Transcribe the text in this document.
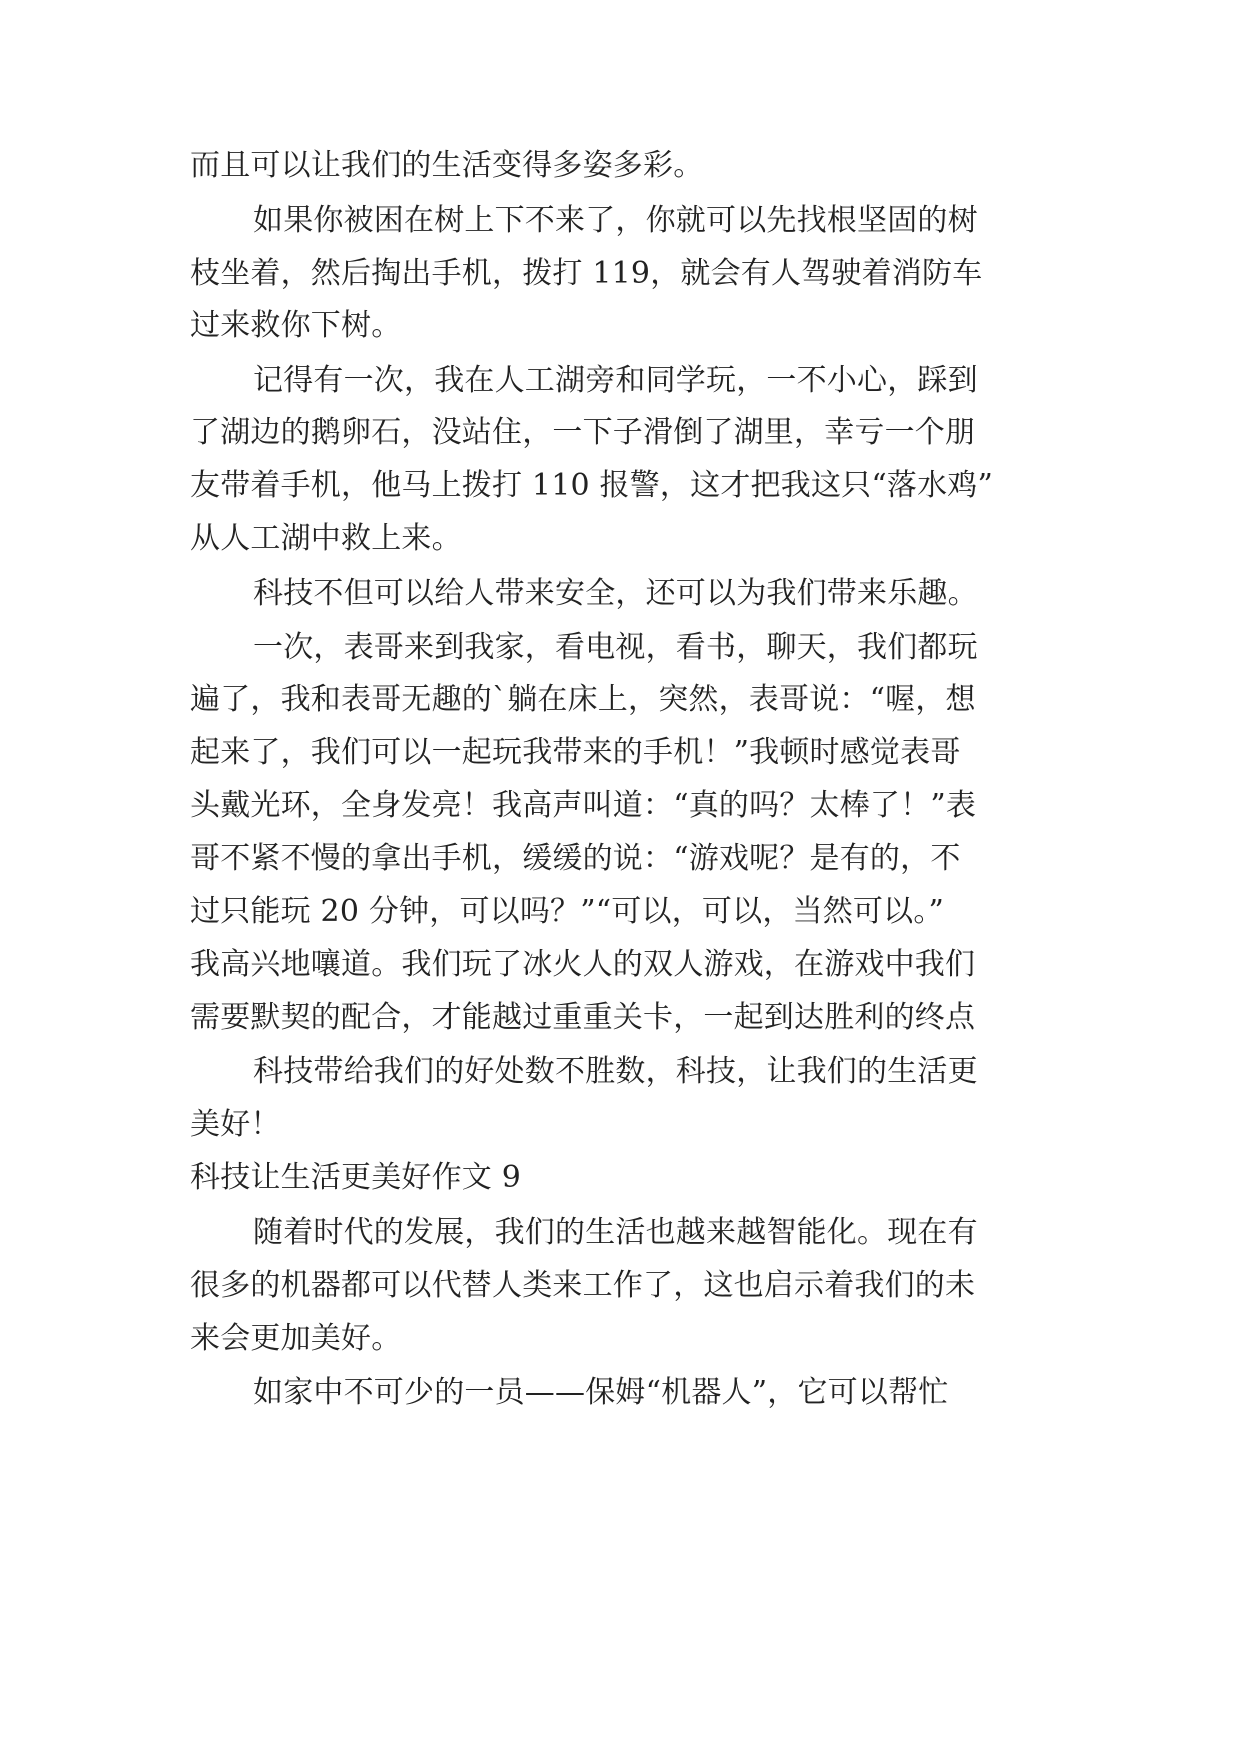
而且可以让我们的生活变得多姿多彩。

如果你被困在树上下不来了，你就可以先找根坚固的树

枝坐着，然后掏出手机，拨打 119，就会有人驾驶着消防车

过来救你下树。

记得有一次，我在人工湖旁和同学玩，一不小心，踩到

了湖边的鹅卵石，没站住，一下子滑倒了湖里，幸亏一个朋

友带着手机，他马上拨打 110 报警，这才把我这只“落水鸡”

从人工湖中救上来。

科技不但可以给人带来安全，还可以为我们带来乐趣。

一次，表哥来到我家，看电视，看书，聊天，我们都玩

遍了，我和表哥无趣的`躺在床上，突然，表哥说：“喔，想

起来了，我们可以一起玩我带来的手机！”我顿时感觉表哥

头戴光环，全身发亮！我高声叫道：“真的吗？太棒了！”表

哥不紧不慢的拿出手机，缓缓的说：“游戏呢？是有的，不

过只能玩 20 分钟，可以吗？”“可以，可以，当然可以。”

我高兴地嚷道。我们玩了冰火人的双人游戏，在游戏中我们

需要默契的配合，才能越过重重关卡，一起到达胜利的终点

科技带给我们的好处数不胜数，科技，让我们的生活更

美好！

科技让生活更美好作文 9

随着时代的发展，我们的生活也越来越智能化。现在有

很多的机器都可以代替人类来工作了，这也启示着我们的未

来会更加美好。

如家中不可少的一员——保姆“机器人”，它可以帮忙
